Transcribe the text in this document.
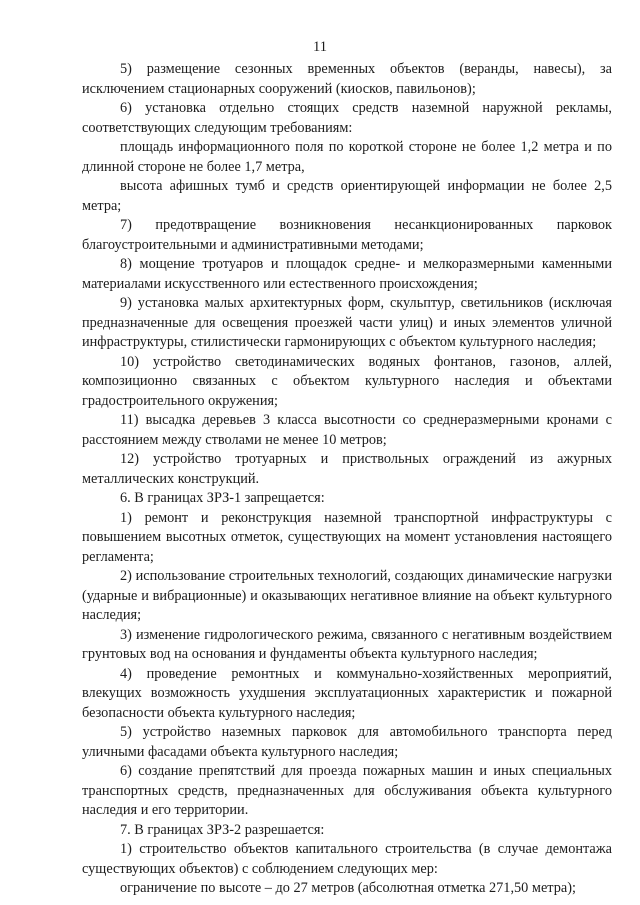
11

5) размещение сезонных временных объектов (веранды, навесы), за исключением стационарных сооружений (киосков, павильонов);

6) установка отдельно стоящих средств наземной наружной рекламы, соответствующих следующим требованиям:

площадь информационного поля по короткой стороне не более 1,2 метра и по длинной стороне не более 1,7 метра,

высота афишных тумб и средств ориентирующей информации не более 2,5 метра;

7) предотвращение возникновения несанкционированных парковок благоустроительными и административными методами;

8) мощение тротуаров и площадок средне- и мелкоразмерными каменными материалами искусственного или естественного происхождения;

9) установка малых архитектурных форм, скульптур, светильников (исключая предназначенные для освещения проезжей части улиц) и иных элементов уличной инфраструктуры, стилистически гармонирующих с объектом культурного наследия;

10) устройство светодинамических водяных фонтанов, газонов, аллей, композиционно связанных с объектом культурного наследия и объектами градостроительного окружения;

11) высадка деревьев 3 класса высотности со среднеразмерными кронами с расстоянием между стволами не менее 10 метров;

12) устройство тротуарных и приствольных ограждений из ажурных металлических конструкций.

6. В границах ЗРЗ-1 запрещается:

1) ремонт и реконструкция наземной транспортной инфраструктуры с повышением высотных отметок, существующих на момент установления настоящего регламента;

2) использование строительных технологий, создающих динамические нагрузки (ударные и вибрационные) и оказывающих негативное влияние на объект культурного наследия;

3) изменение гидрологического режима, связанного с негативным воздействием грунтовых вод на основания и фундаменты объекта культурного наследия;

4) проведение ремонтных и коммунально-хозяйственных мероприятий, влекущих возможность ухудшения эксплуатационных характеристик и пожарной безопасности объекта культурного наследия;

5) устройство наземных парковок для автомобильного транспорта перед уличными фасадами объекта культурного наследия;

6) создание препятствий для проезда пожарных машин и иных специальных транспортных средств, предназначенных для обслуживания объекта культурного наследия и его территории.

7. В границах ЗРЗ-2 разрешается:

1) строительство объектов капитального строительства (в случае демонтажа существующих объектов) с соблюдением следующих мер:

ограничение по высоте – до 27 метров (абсолютная отметка 271,50 метра);
